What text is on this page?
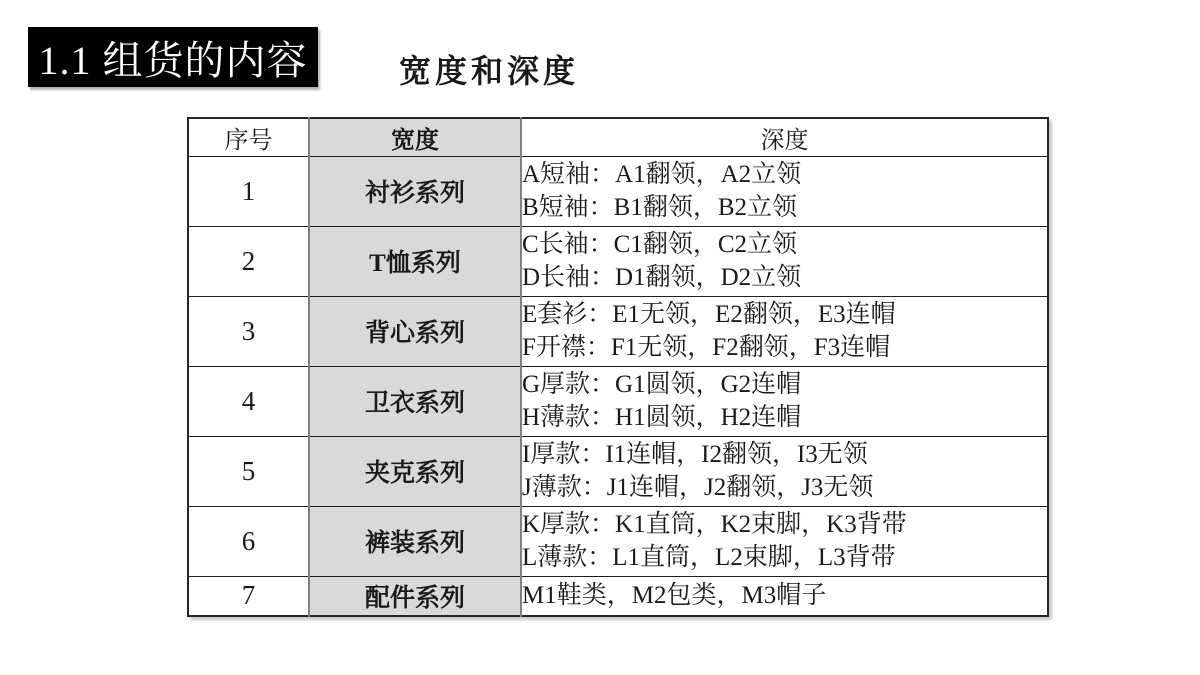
1.1 组货的内容	宽度和深度
序号	宽度	深度
1	衬衫系列	A短袖：A1翻领，A2立领
B短袖：B1翻领，B2立领

2	T恤系列	C长袖：C1翻领，C2立领
D长袖：D1翻领，D2立领

3	背心系列	E套衫：E1无领，E2翻领，E3连帽
F开襟：F1无领，F2翻领，F3连帽

4	卫衣系列	G厚款：G1圆领，G2连帽
H薄款：H1圆领，H2连帽

5	夹克系列	I厚款：I1连帽，I2翻领，I3无领
J薄款：J1连帽，J2翻领，J3无领

6	裤装系列	K厚款：K1直筒，K2束脚，K3背带
L薄款：L1直筒，L2束脚，L3背带

7	配件系列	M1鞋类，M2包类，M3帽子
